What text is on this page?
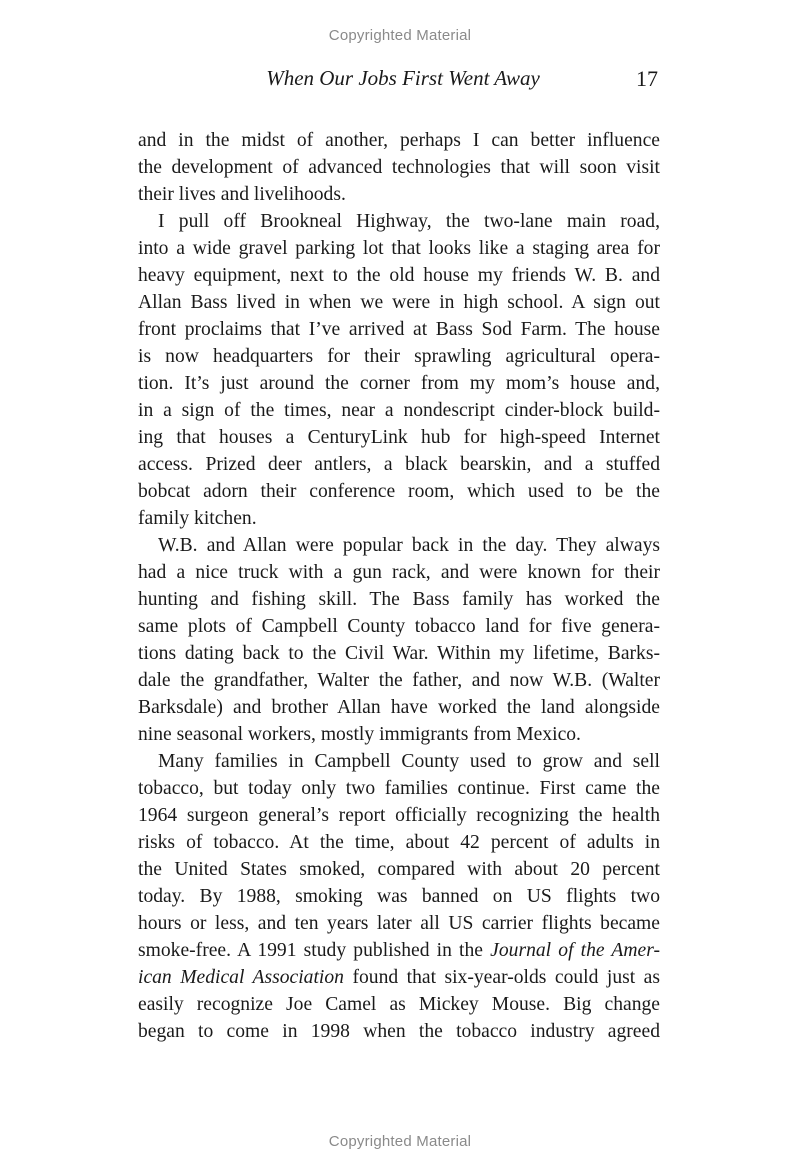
Copyrighted Material
When Our Jobs First Went Away	17
and in the midst of another, perhaps I can better influence
the development of advanced technologies that will soon visit
their lives and livelihoods.
I pull off Brookneal Highway, the two-lane main road,
into a wide gravel parking lot that looks like a staging area for
heavy equipment, next to the old house my friends W. B. and
Allan Bass lived in when we were in high school. A sign out
front proclaims that I’ve arrived at Bass Sod Farm. The house
is now headquarters for their sprawling agricultural opera-
tion. It’s just around the corner from my mom’s house and,
in a sign of the times, near a nondescript cinder-block build-
ing that houses a CenturyLink hub for high-speed Internet
access. Prized deer antlers, a black bearskin, and a stuffed
bobcat adorn their conference room, which used to be the
family kitchen.
W.B. and Allan were popular back in the day. They always
had a nice truck with a gun rack, and were known for their
hunting and fishing skill. The Bass family has worked the
same plots of Campbell County tobacco land for five genera-
tions dating back to the Civil War. Within my lifetime, Barks-
dale the grandfather, Walter the father, and now W.B. (Walter
Barksdale) and brother Allan have worked the land alongside
nine seasonal workers, mostly immigrants from Mexico.
Many families in Campbell County used to grow and sell
tobacco, but today only two families continue. First came the
1964 surgeon general’s report officially recognizing the health
risks of tobacco. At the time, about 42 percent of adults in
the United States smoked, compared with about 20 percent
today. By 1988, smoking was banned on US flights two
hours or less, and ten years later all US carrier flights became
smoke-free. A 1991 study published in the Journal of the Amer-
ican Medical Association found that six-year-olds could just as
easily recognize Joe Camel as Mickey Mouse. Big change
began to come in 1998 when the tobacco industry agreed
Copyrighted Material
